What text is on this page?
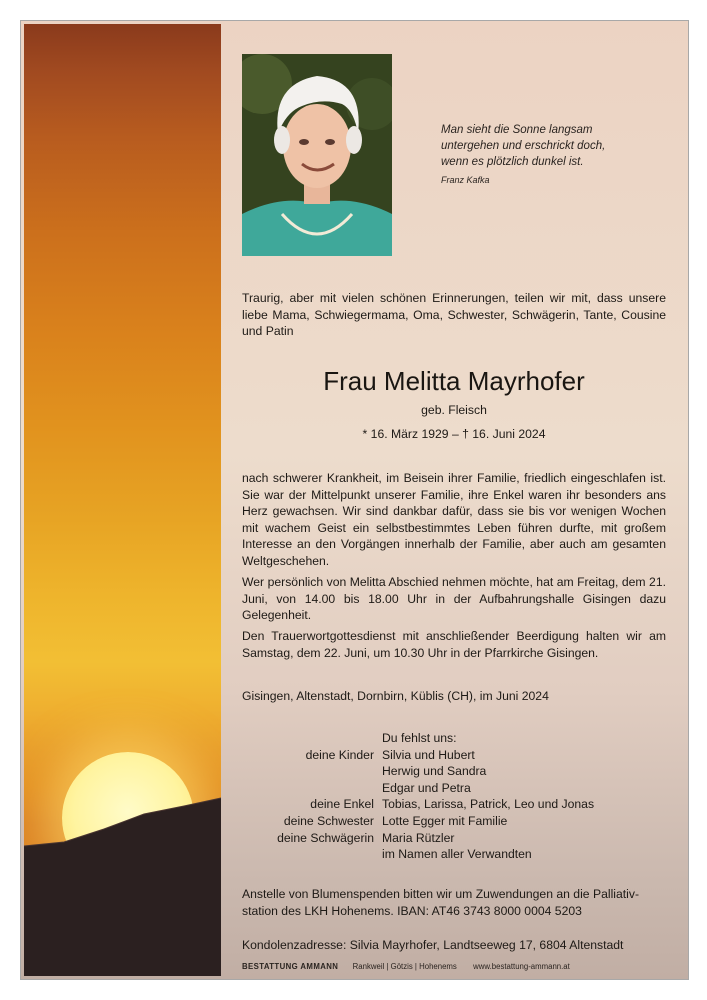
Man sieht die Sonne langsam
untergehen und erschrickt doch,
wenn es plötzlich dunkel ist.
Franz Kafka
Traurig, aber mit vielen schönen Erinnerungen, teilen wir mit, dass unsere liebe Mama, Schwiegermama, Oma, Schwester, Schwägerin, Tante, Cousine und Patin
Frau Melitta Mayrhofer
geb. Fleisch
* 16. März 1929 – † 16. Juni 2024
nach schwerer Krankheit, im Beisein ihrer Familie, friedlich eingeschlafen ist. Sie war der Mittelpunkt unserer Familie, ihre Enkel waren ihr besonders ans Herz gewachsen. Wir sind dankbar dafür, dass sie bis vor wenigen Wochen mit wachem Geist ein selbstbestimmtes Leben führen durfte, mit großem Interesse an den Vorgängen innerhalb der Familie, aber auch am gesamten Weltgeschehen.
Wer persönlich von Melitta Abschied nehmen möchte, hat am Freitag, dem 21. Juni, von 14.00 bis 18.00 Uhr in der Aufbahrungshalle Gisingen dazu Gelegenheit.
Den Trauerwortgottesdienst mit anschließender Beerdigung halten wir am Samstag, dem 22. Juni, um 10.30 Uhr in der Pfarrkirche Gisingen.
Gisingen, Altenstadt, Dornbirn, Küblis (CH), im Juni 2024
Du fehlst uns:
deine Kinder Silvia und Hubert
Herwig und Sandra
Edgar und Petra
deine Enkel Tobias, Larissa, Patrick, Leo und Jonas
deine Schwester Lotte Egger mit Familie
deine Schwägerin Maria Rützler
im Namen aller Verwandten
Anstelle von Blumenspenden bitten wir um Zuwendungen an die Palliativ-
station des LKH Hohenems. IBAN: AT46 3743 8000 0004 5203
Kondolenzadresse: Silvia Mayrhofer, Landtseeweg 17, 6804 Altenstadt
BESTATTUNG AMMANN Rankweil | Götzis | Hohenems www.bestattung-ammann.at
